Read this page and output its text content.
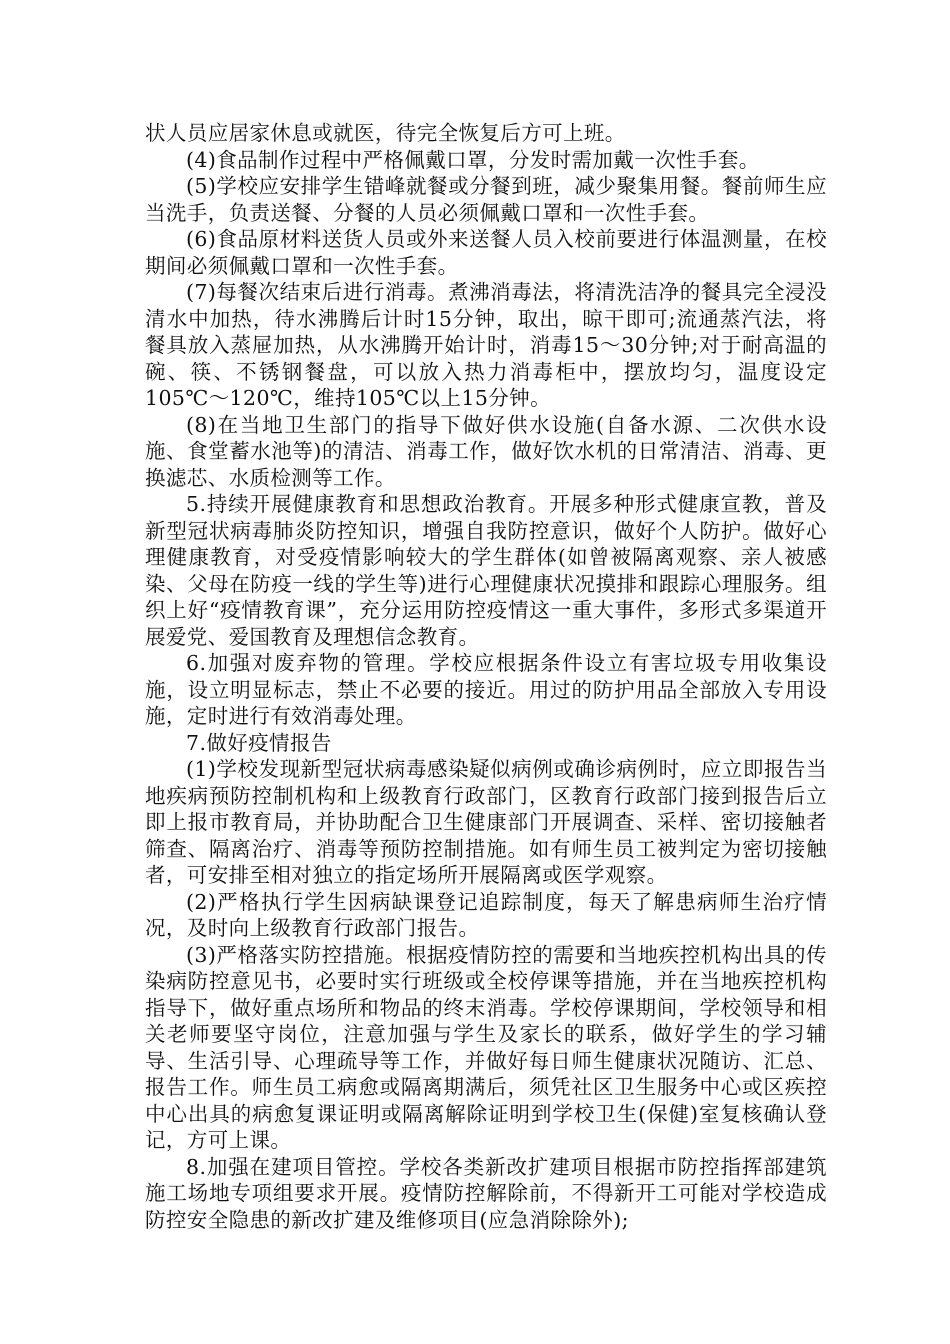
状人员应居家休息或就医，待完全恢复后方可上班。

(4)食品制作过程中严格佩戴口罩，分发时需加戴一次性手套。

(5)学校应安排学生错峰就餐或分餐到班，减少聚集用餐。餐前师生应当洗手，负责送餐、分餐的人员必须佩戴口罩和一次性手套。

(6)食品原材料送货人员或外来送餐人员入校前要进行体温测量，在校期间必须佩戴口罩和一次性手套。

(7)每餐次结束后进行消毒。煮沸消毒法，将清洗洁净的餐具完全浸没清水中加热，待水沸腾后计时15分钟，取出，晾干即可;流通蒸汽法，将餐具放入蒸屉加热，从水沸腾开始计时，消毒15～30分钟;对于耐高温的碗、筷、不锈钢餐盘，可以放入热力消毒柜中，摆放均匀，温度设定105℃～120℃，维持105℃以上15分钟。

(8)在当地卫生部门的指导下做好供水设施(自备水源、二次供水设施、食堂蓄水池等)的清洁、消毒工作，做好饮水机的日常清洁、消毒、更换滤芯、水质检测等工作。

5.持续开展健康教育和思想政治教育。开展多种形式健康宣教，普及新型冠状病毒肺炎防控知识，增强自我防控意识，做好个人防护。做好心理健康教育，对受疫情影响较大的学生群体(如曾被隔离观察、亲人被感染、父母在防疫一线的学生等)进行心理健康状况摸排和跟踪心理服务。组织上好“疫情教育课”，充分运用防控疫情这一重大事件，多形式多渠道开展爱党、爱国教育及理想信念教育。

6.加强对废弃物的管理。学校应根据条件设立有害垃圾专用收集设施，设立明显标志，禁止不必要的接近。用过的防护用品全部放入专用设施，定时进行有效消毒处理。

7.做好疫情报告

(1)学校发现新型冠状病毒感染疑似病例或确诊病例时，应立即报告当地疾病预防控制机构和上级教育行政部门，区教育行政部门接到报告后立即上报市教育局，并协助配合卫生健康部门开展调查、采样、密切接触者筛查、隔离治疗、消毒等预防控制措施。如有师生员工被判定为密切接触者，可安排至相对独立的指定场所开展隔离或医学观察。

(2)严格执行学生因病缺课登记追踪制度，每天了解患病师生治疗情况，及时向上级教育行政部门报告。

(3)严格落实防控措施。根据疫情防控的需要和当地疾控机构出具的传染病防控意见书，必要时实行班级或全校停课等措施，并在当地疾控机构指导下，做好重点场所和物品的终末消毒。学校停课期间，学校领导和相关老师要坚守岗位，注意加强与学生及家长的联系，做好学生的学习辅导、生活引导、心理疏导等工作，并做好每日师生健康状况随访、汇总、报告工作。师生员工病愈或隔离期满后，须凭社区卫生服务中心或区疾控中心出具的病愈复课证明或隔离解除证明到学校卫生(保健)室复核确认登记，方可上课。

8.加强在建项目管控。学校各类新改扩建项目根据市防控指挥部建筑施工场地专项组要求开展。疫情防控解除前，不得新开工可能对学校造成防控安全隐患的新改扩建及维修项目(应急消除除外);
